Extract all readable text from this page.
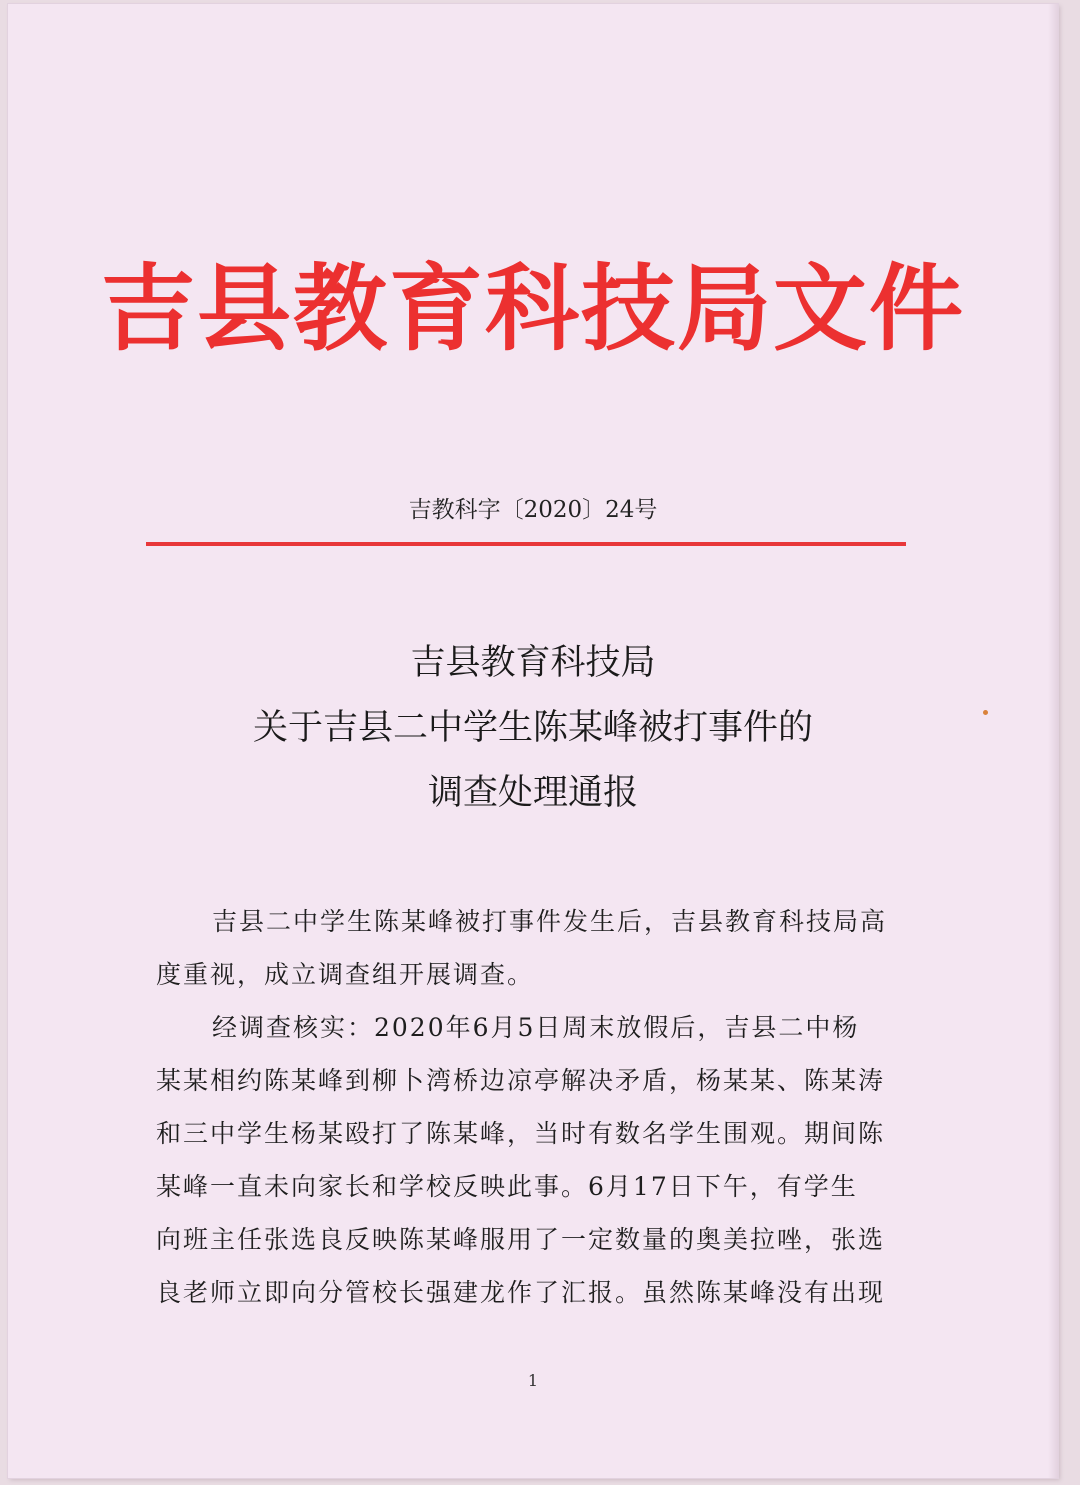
吉县教育科技局文件
吉教科字〔2020〕24号
吉县教育科技局
关于吉县二中学生陈某峰被打事件的
调查处理通报
吉县二中学生陈某峰被打事件发生后，吉县教育科技局高
度重视，成立调查组开展调查。
经调查核实：2020年6月5日周末放假后，吉县二中杨
某某相约陈某峰到柳卜湾桥边凉亭解决矛盾，杨某某、陈某涛
和三中学生杨某殴打了陈某峰，当时有数名学生围观。期间陈
某峰一直未向家长和学校反映此事。6月17日下午，有学生
向班主任张选良反映陈某峰服用了一定数量的奥美拉唑，张选
良老师立即向分管校长强建龙作了汇报。虽然陈某峰没有出现
1
